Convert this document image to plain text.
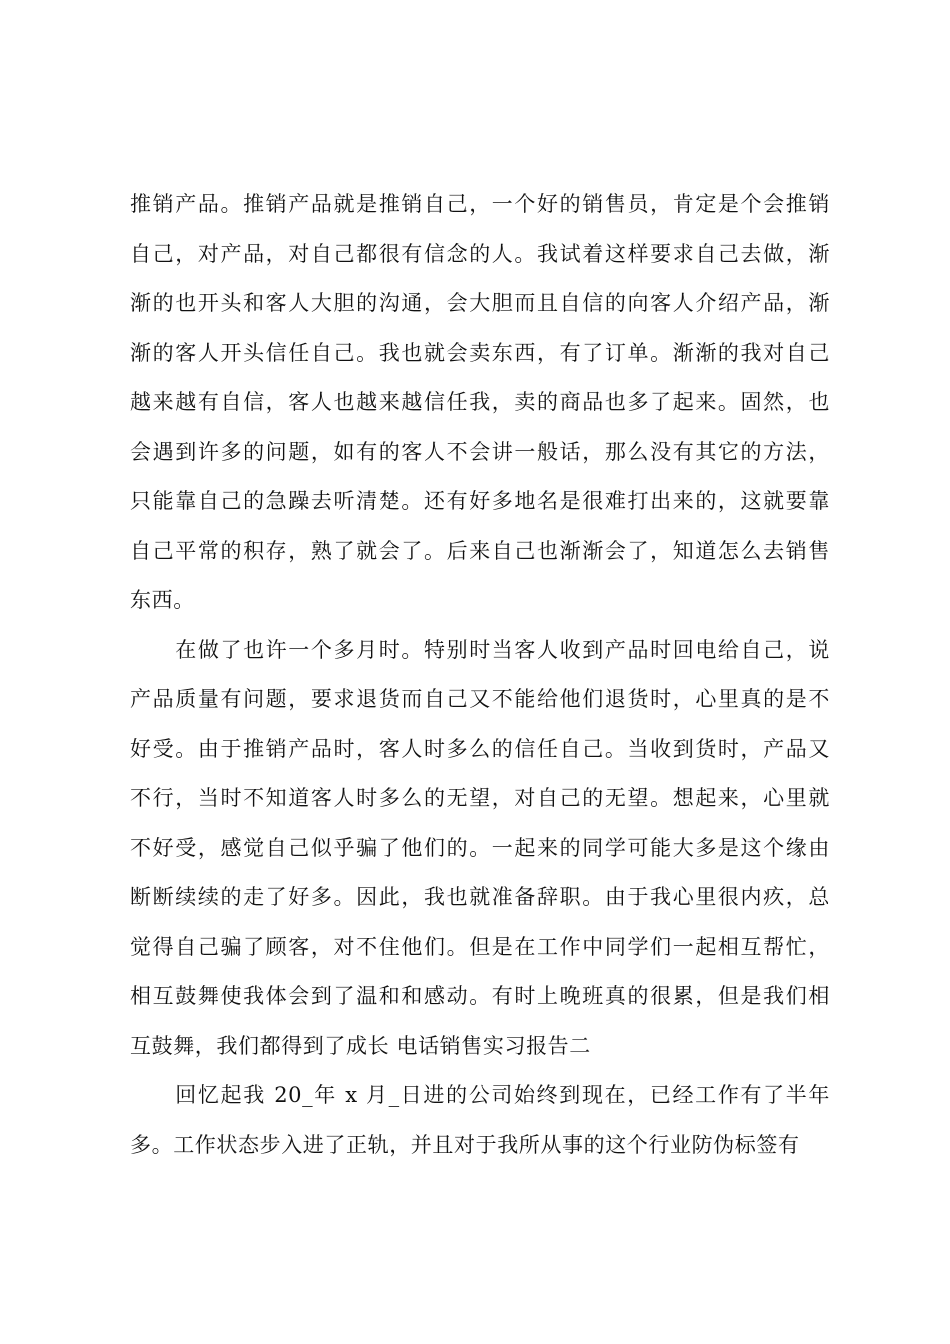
推销产品。推销产品就是推销自己，一个好的销售员，肯定是个会推销
自己，对产品，对自己都很有信念的人。我试着这样要求自己去做，渐
渐的也开头和客人大胆的沟通，会大胆而且自信的向客人介绍产品，渐
渐的客人开头信任自己。我也就会卖东西，有了订单。渐渐的我对自己
越来越有自信，客人也越来越信任我，卖的商品也多了起来。固然，也
会遇到许多的问题，如有的客人不会讲一般话，那么没有其它的方法，
只能靠自己的急躁去听清楚。还有好多地名是很难打出来的，这就要靠
自己平常的积存，熟了就会了。后来自己也渐渐会了，知道怎么去销售
东西。
　　在做了也许一个多月时。特别时当客人收到产品时回电给自己，说
产品质量有问题，要求退货而自己又不能给他们退货时，心里真的是不
好受。由于推销产品时，客人时多么的信任自己。当收到货时，产品又
不行，当时不知道客人时多么的无望，对自己的无望。想起来，心里就
不好受，感觉自己似乎骗了他们的。一起来的同学可能大多是这个缘由
断断续续的走了好多。因此，我也就准备辞职。由于我心里很内疚，总
觉得自己骗了顾客，对不住他们。但是在工作中同学们一起相互帮忙，
相互鼓舞使我体会到了温和和感动。有时上晚班真的很累，但是我们相
互鼓舞，我们都得到了成长 电话销售实习报告二
　　回忆起我 20_年 x 月_日进的公司始终到现在，已经工作有了半年
多。工作状态步入进了正轨，并且对于我所从事的这个行业防伪标签有
